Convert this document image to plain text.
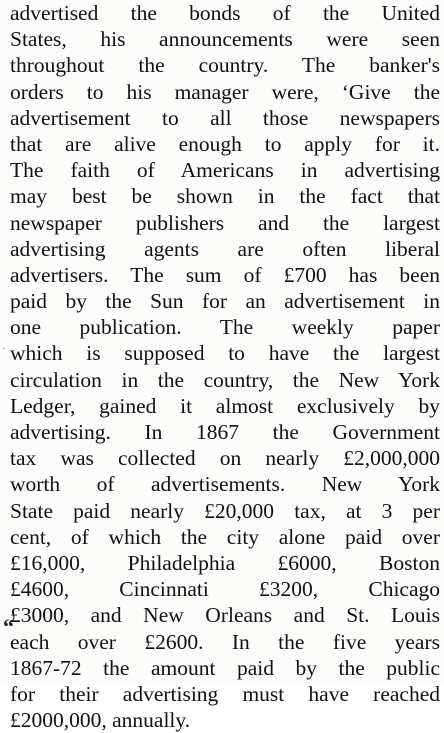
advertised the bonds of the United
States, his announcements were seen
throughout the country. The banker's
orders to his manager were, ‘Give the
advertisement to all those newspapers
that are alive enough to apply for it.
The faith of Americans in advertising
may best be shown in the fact that
newspaper publishers and the largest
advertising agents are often liberal
advertisers. The sum of £700 has been
paid by the Sun for an advertisement in
one publication. The weekly paper
which is supposed to have the largest
circulation in the country, the New York
Ledger, gained it almost exclusively by
advertising. In 1867 the Government
tax was collected on nearly £2,000,000
worth of advertisements. New York
State paid nearly £20,000 tax, at 3 per
cent, of which the city alone paid over
£16,000, Philadelphia £6000, Boston
£4600, Cincinnati £3200, Chicago
£3000, and New Orleans and St. Louis
each over £2600. In the five years
1867-72 the amount paid by the public
for their advertising must have reached
£2000,000, annually.
·
“
